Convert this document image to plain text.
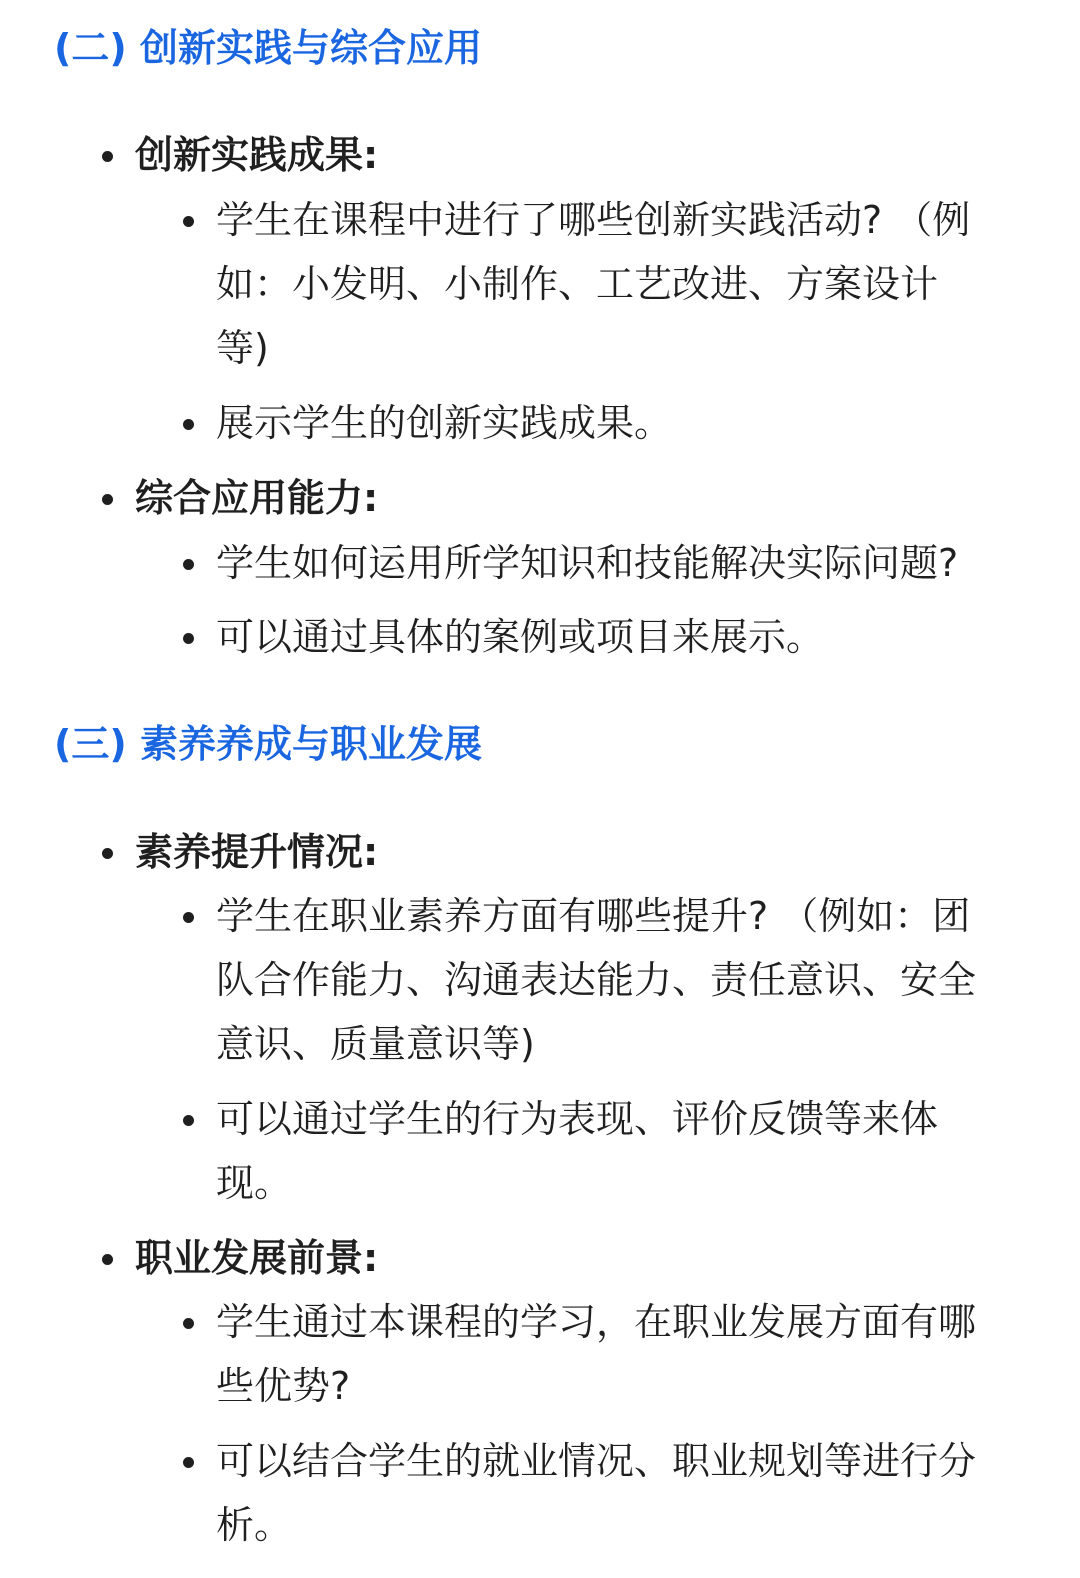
(二) 创新实践与综合应用
创新实践成果:
学生在课程中进行了哪些创新实践活动? （例
如：小发明、小制作、工艺改进、方案设计
等)
展示学生的创新实践成果。
综合应用能力:
学生如何运用所学知识和技能解决实际问题?
可以通过具体的案例或项目来展示。
(三) 素养养成与职业发展
素养提升情况:
学生在职业素养方面有哪些提升? （例如：团
队合作能力、沟通表达能力、责任意识、安全
意识、质量意识等)
可以通过学生的行为表现、评价反馈等来体
现。
职业发展前景:
学生通过本课程的学习，在职业发展方面有哪
些优势?
可以结合学生的就业情况、职业规划等进行分
析。
